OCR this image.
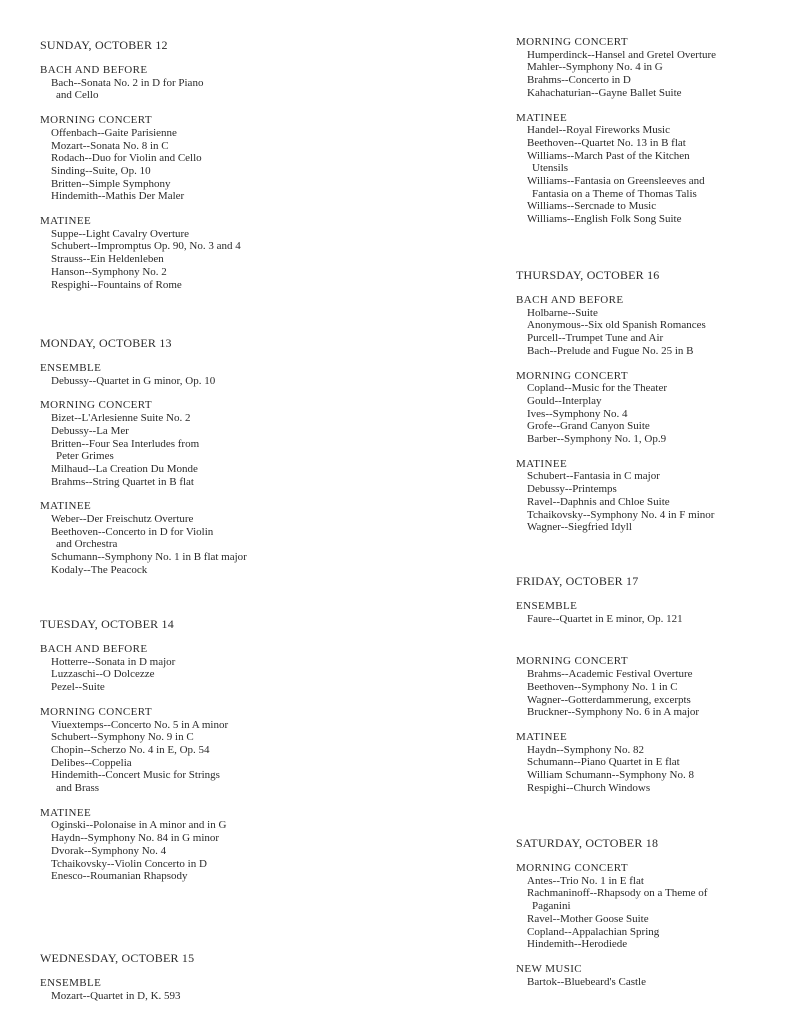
SUNDAY, OCTOBER 12
BACH AND BEFORE
Bach--Sonata No. 2 in D for Piano
and Cello
MORNING CONCERT
Offenbach--Gaite Parisienne
Mozart--Sonata No. 8 in C
Rodach--Duo for Violin and Cello
Sinding--Suite, Op. 10
Britten--Simple Symphony
Hindemith--Mathis Der Maler
MATINEE
Suppe--Light Cavalry Overture
Schubert--Impromptus Op. 90, No. 3 and 4
Strauss--Ein Heldenleben
Hanson--Symphony No. 2
Respighi--Fountains of Rome
MONDAY, OCTOBER 13
ENSEMBLE
Debussy--Quartet in G minor, Op. 10
MORNING CONCERT
Bizet--L'Arlesienne Suite No. 2
Debussy--La Mer
Britten--Four Sea Interludes from
Peter Grimes
Milhaud--La Creation Du Monde
Brahms--String Quartet in B flat
MATINEE
Weber--Der Freischutz Overture
Beethoven--Concerto in D for Violin
and Orchestra
Schumann--Symphony No. 1 in B flat major
Kodaly--The Peacock
TUESDAY, OCTOBER 14
BACH AND BEFORE
Hotterre--Sonata in D major
Luzzaschi--O Dolcezze
Pezel--Suite
MORNING CONCERT
Viuextemps--Concerto No. 5 in A minor
Schubert--Symphony No. 9 in C
Chopin--Scherzo No. 4 in E, Op. 54
Delibes--Coppelia
Hindemith--Concert Music for Strings
and Brass
MATINEE
Oginski--Polonaise in A minor and in G
Haydn--Symphony No. 84 in G minor
Dvorak--Symphony No. 4
Tchaikovsky--Violin Concerto in D
Enesco--Roumanian Rhapsody
WEDNESDAY, OCTOBER 15
ENSEMBLE
Mozart--Quartet in D, K. 593
MORNING CONCERT
Humperdinck--Hansel and Gretel Overture
Mahler--Symphony No. 4 in G
Brahms--Concerto in D
Kahachaturian--Gayne Ballet Suite
MATINEE
Handel--Royal Fireworks Music
Beethoven--Quartet No. 13 in B flat
Williams--March Past of the Kitchen
Utensils
Williams--Fantasia on Greensleeves and
Fantasia on a Theme of Thomas Talis
Williams--Sercnade to Music
Williams--English Folk Song Suite
THURSDAY, OCTOBER 16
BACH AND BEFORE
Holbarne--Suite
Anonymous--Six old Spanish Romances
Purcell--Trumpet Tune and Air
Bach--Prelude and Fugue No. 25 in B
MORNING CONCERT
Copland--Music for the Theater
Gould--Interplay
Ives--Symphony No. 4
Grofe--Grand Canyon Suite
Barber--Symphony No. 1, Op.9
MATINEE
Schubert--Fantasia in C major
Debussy--Printemps
Ravel--Daphnis and Chloe Suite
Tchaikovsky--Symphony No. 4 in F minor
Wagner--Siegfried Idyll
FRIDAY, OCTOBER 17
ENSEMBLE
Faure--Quartet in E minor, Op. 121
MORNING CONCERT
Brahms--Academic Festival Overture
Beethoven--Symphony No. 1 in C
Wagner--Gotterdammerung, excerpts
Bruckner--Symphony No. 6 in A major
MATINEE
Haydn--Symphony No. 82
Schumann--Piano Quartet in E flat
William Schumann--Symphony No. 8
Respighi--Church Windows
SATURDAY, OCTOBER 18
MORNING CONCERT
Antes--Trio No. 1 in E flat
Rachmaninoff--Rhapsody on a Theme of
Paganini
Ravel--Mother Goose Suite
Copland--Appalachian Spring
Hindemith--Herodiede
NEW MUSIC
Bartok--Bluebeard's Castle
